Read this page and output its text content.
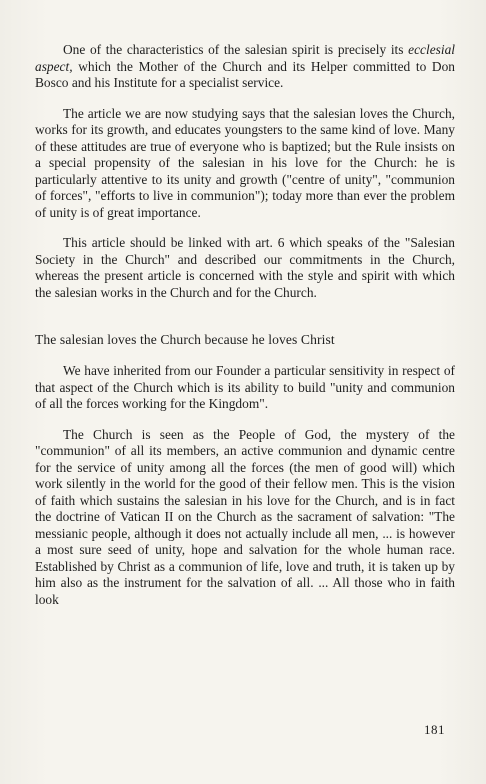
One of the characteristics of the salesian spirit is precisely its ecclesial aspect, which the Mother of the Church and its Helper committed to Don Bosco and his Institute for a specialist service.

The article we are now studying says that the salesian loves the Church, works for its growth, and educates youngsters to the same kind of love. Many of these attitudes are true of everyone who is baptized; but the Rule insists on a special propensity of the salesian in his love for the Church: he is particularly attentive to its unity and growth ("centre of unity", "communion of forces", "efforts to live in communion"); today more than ever the problem of unity is of great importance.

This article should be linked with art. 6 which speaks of the "Salesian Society in the Church" and described our commitments in the Church, whereas the present article is concerned with the style and spirit with which the salesian works in the Church and for the Church.

The salesian loves the Church because he loves Christ

We have inherited from our Founder a particular sensitivity in respect of that aspect of the Church which is its ability to build "unity and communion of all the forces working for the Kingdom".

The Church is seen as the People of God, the mystery of the "communion" of all its members, an active communion and dynamic centre for the service of unity among all the forces (the men of good will) which work silently in the world for the good of their fellow men. This is the vision of faith which sustains the salesian in his love for the Church, and is in fact the doctrine of Vatican II on the Church as the sacrament of salvation: "The messianic people, although it does not actually include all men, ... is however a most sure seed of unity, hope and salvation for the whole human race. Established by Christ as a communion of life, love and truth, it is taken up by him also as the instrument for the salvation of all. ... All those who in faith look

181
